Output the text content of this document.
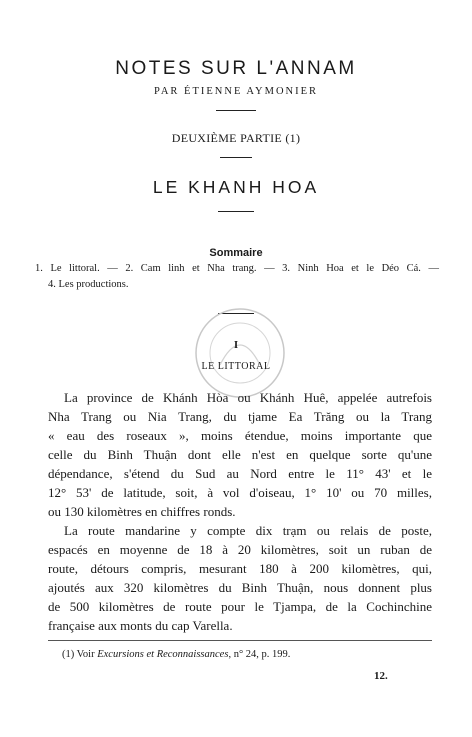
NOTES SUR L'ANNAM
PAR ÉTIENNE AYMONIER
DEUXIÈME PARTIE (1)
LE KHANH HOA
Sommaire
1. Le littoral. — 2. Cam linh et Nha trang. — 3. Ninh Hoa et le Déo Cá. —
4. Les productions.
I
LE LITTORAL
La province de Khánh Hòa ou Khánh Huê, appelée autrefois
Nha Trang ou Nia Trang, du tjame Ea Trăng ou la Trang
« eau des roseaux », moins étendue, moins importante que
celle du Binh Thuận dont elle n'est en quelque sorte qu'une
dépendance, s'étend du Sud au Nord entre le 11° 43' et le
12° 53' de latitude, soit, à vol d'oiseau, 1° 10' ou 70 milles,
ou 130 kilomètres en chiffres ronds.
La route mandarine y compte dix trạm ou relais de poste,
espacés en moyenne de 18 à 20 kilomètres, soit un ruban de
route, détours compris, mesurant 180 à 200 kilomètres, qui,
ajoutés aux 320 kilomètres du Binh Thuận, nous donnent plus
de 500 kilomètres de route pour le Tjampa, de la Cochinchine
française aux monts du cap Varella.
(1) Voir Excursions et Reconnaissances, n° 24, p. 199.
12.
